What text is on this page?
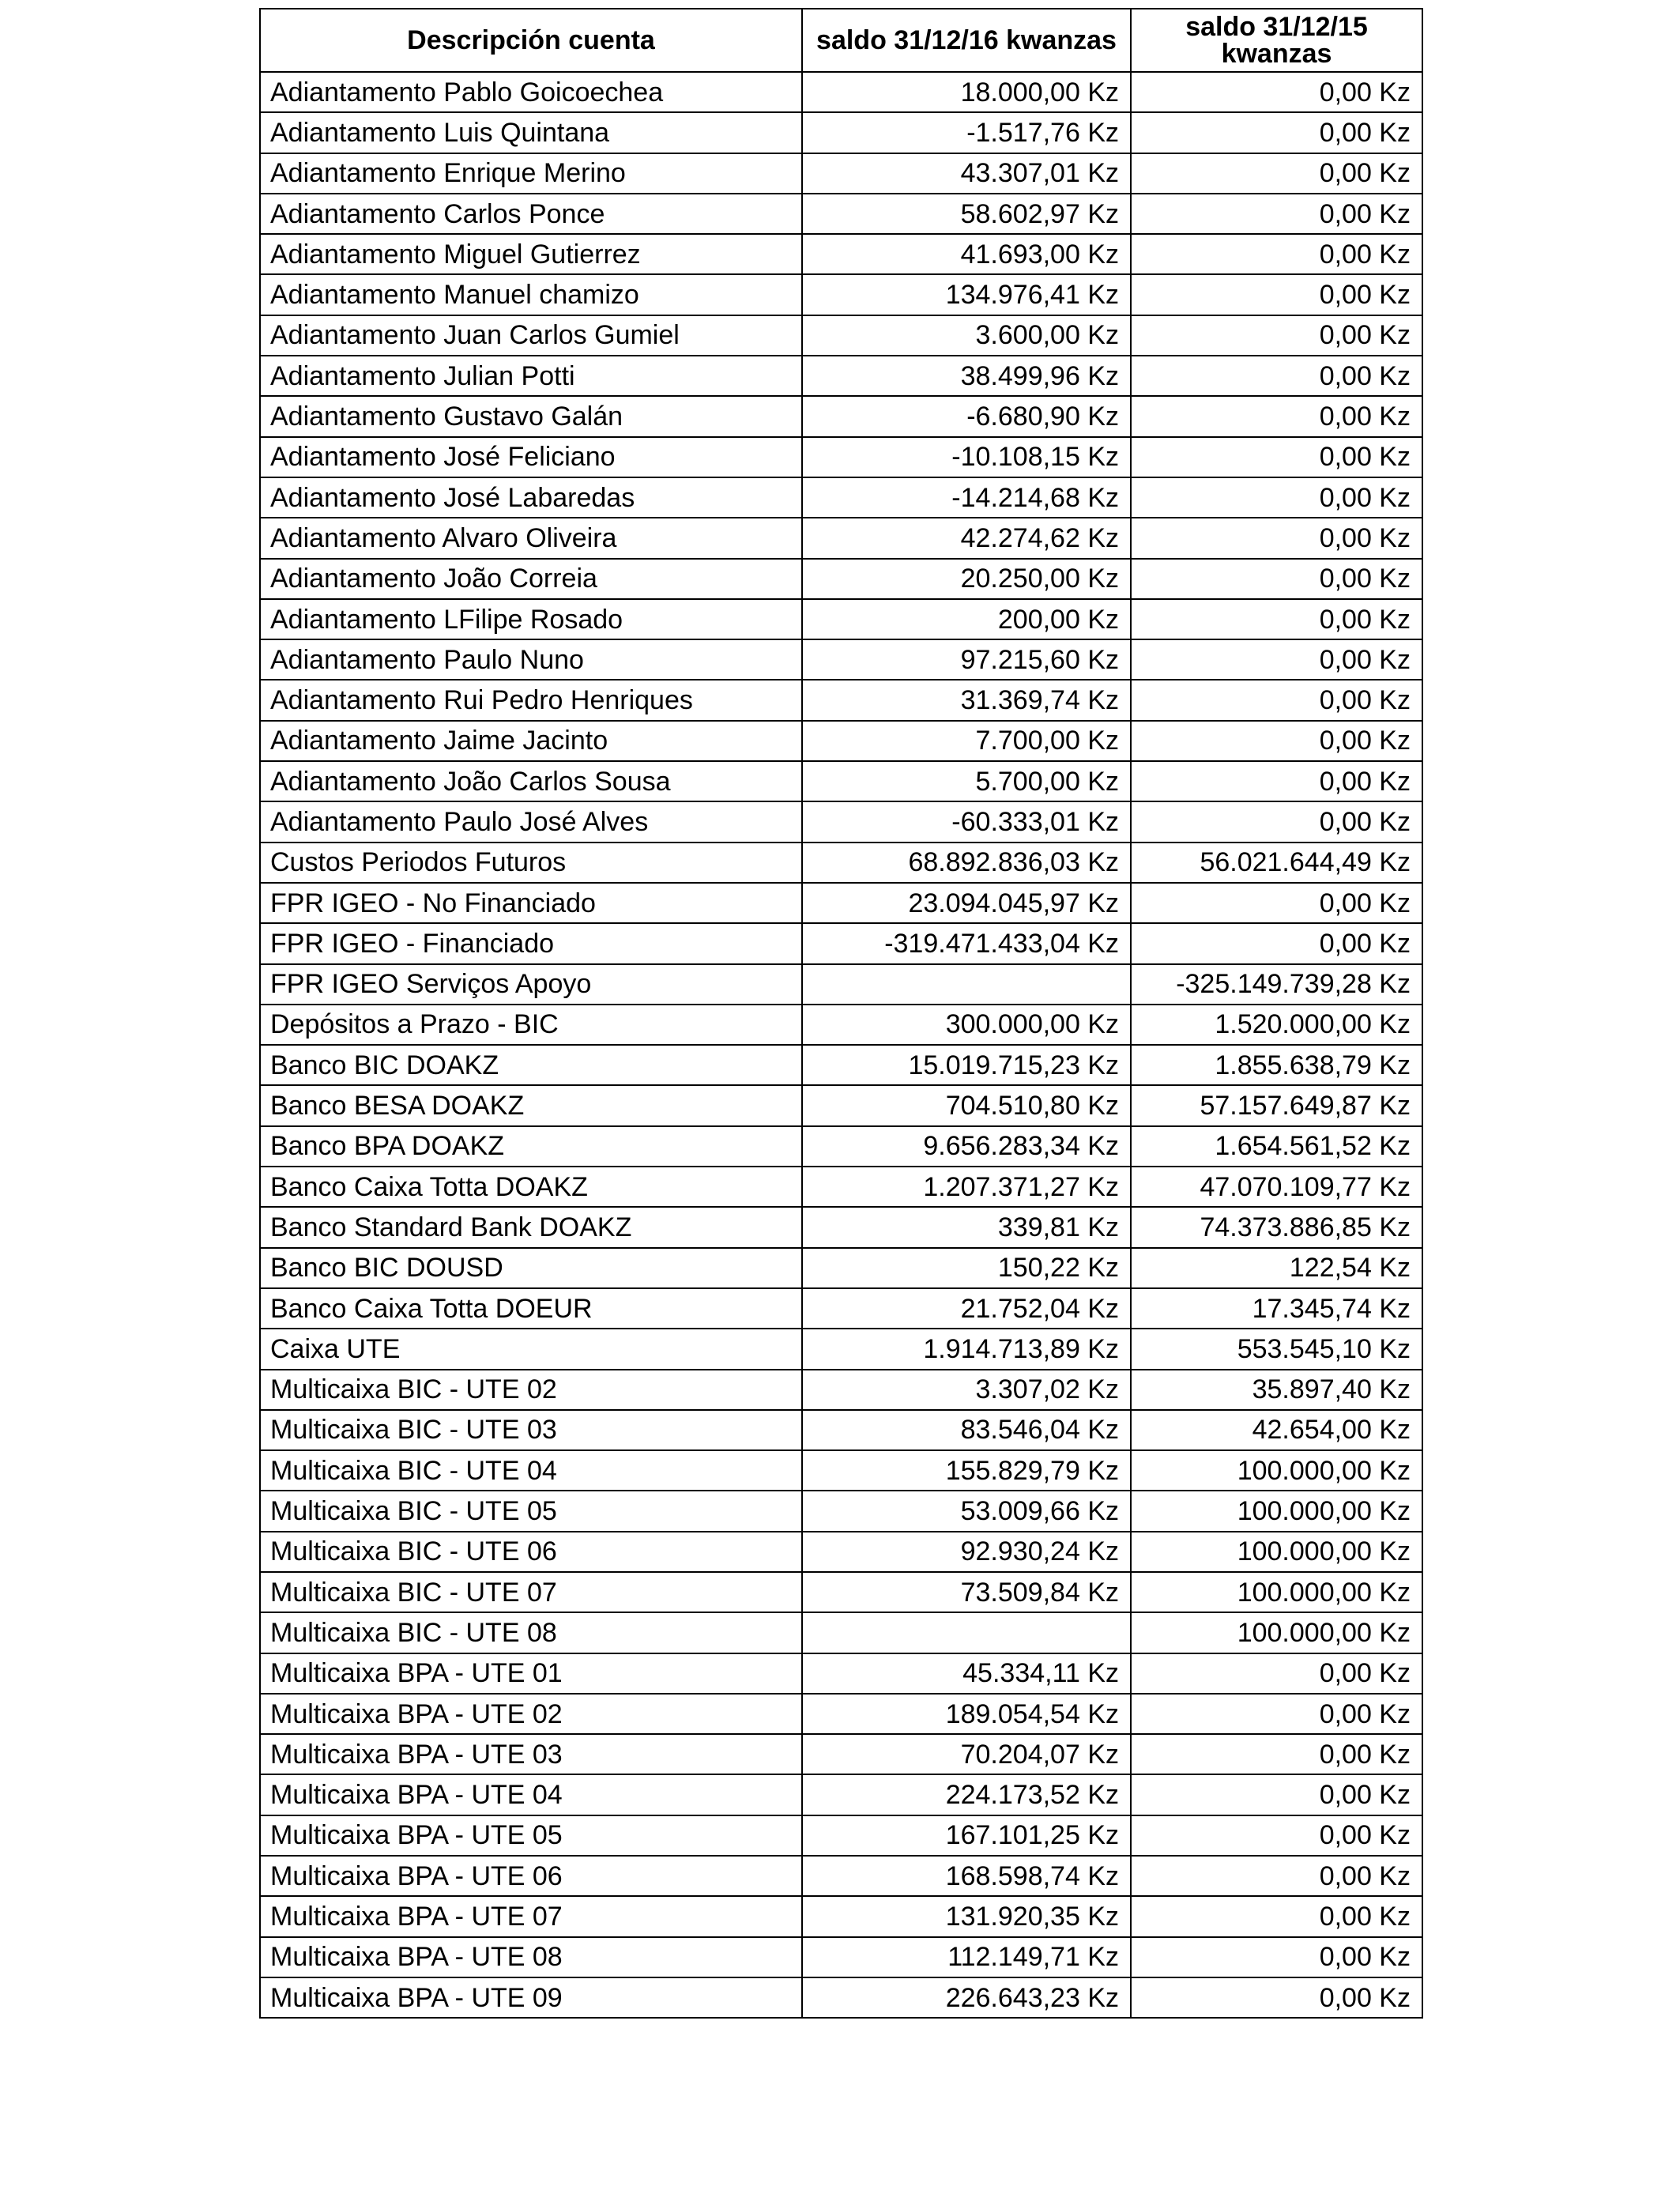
Descripción cuenta	saldo 31/12/16 kwanzas	saldo 31/12/15 kwanzas

Adiantamento Pablo Goicoechea	18.000,00 Kz	0,00 Kz
Adiantamento Luis Quintana	-1.517,76 Kz	0,00 Kz
Adiantamento Enrique Merino	43.307,01 Kz	0,00 Kz
Adiantamento Carlos Ponce	58.602,97 Kz	0,00 Kz
Adiantamento Miguel Gutierrez	41.693,00 Kz	0,00 Kz
Adiantamento Manuel chamizo	134.976,41 Kz	0,00 Kz
Adiantamento Juan Carlos Gumiel	3.600,00 Kz	0,00 Kz
Adiantamento Julian Potti	38.499,96 Kz	0,00 Kz
Adiantamento Gustavo Galán	-6.680,90 Kz	0,00 Kz
Adiantamento José Feliciano	-10.108,15 Kz	0,00 Kz
Adiantamento José Labaredas	-14.214,68 Kz	0,00 Kz
Adiantamento Alvaro Oliveira	42.274,62 Kz	0,00 Kz
Adiantamento João Correia	20.250,00 Kz	0,00 Kz
Adiantamento LFilipe Rosado	200,00 Kz	0,00 Kz
Adiantamento Paulo Nuno	97.215,60 Kz	0,00 Kz
Adiantamento Rui Pedro Henriques	31.369,74 Kz	0,00 Kz
Adiantamento Jaime Jacinto	7.700,00 Kz	0,00 Kz
Adiantamento João Carlos Sousa	5.700,00 Kz	0,00 Kz
Adiantamento Paulo José Alves	-60.333,01 Kz	0,00 Kz
Custos Periodos Futuros	68.892.836,03 Kz	56.021.644,49 Kz
FPR IGEO - No Financiado	23.094.045,97 Kz	0,00 Kz
FPR IGEO - Financiado	-319.471.433,04 Kz	0,00 Kz
FPR IGEO Serviços Apoyo		-325.149.739,28 Kz
Depósitos a Prazo - BIC	300.000,00 Kz	1.520.000,00 Kz
Banco BIC DOAKZ	15.019.715,23 Kz	1.855.638,79 Kz
Banco BESA DOAKZ	704.510,80 Kz	57.157.649,87 Kz
Banco BPA DOAKZ	9.656.283,34 Kz	1.654.561,52 Kz
Banco Caixa Totta DOAKZ	1.207.371,27 Kz	47.070.109,77 Kz
Banco Standard Bank DOAKZ	339,81 Kz	74.373.886,85 Kz
Banco BIC DOUSD	150,22 Kz	122,54 Kz
Banco Caixa Totta DOEUR	21.752,04 Kz	17.345,74 Kz
Caixa UTE	1.914.713,89 Kz	553.545,10 Kz
Multicaixa BIC - UTE 02	3.307,02 Kz	35.897,40 Kz
Multicaixa BIC - UTE 03	83.546,04 Kz	42.654,00 Kz
Multicaixa BIC - UTE 04	155.829,79 Kz	100.000,00 Kz
Multicaixa BIC - UTE 05	53.009,66 Kz	100.000,00 Kz
Multicaixa BIC - UTE 06	92.930,24 Kz	100.000,00 Kz
Multicaixa BIC - UTE 07	73.509,84 Kz	100.000,00 Kz
Multicaixa BIC - UTE 08		100.000,00 Kz
Multicaixa BPA - UTE 01	45.334,11 Kz	0,00 Kz
Multicaixa BPA - UTE 02	189.054,54 Kz	0,00 Kz
Multicaixa BPA - UTE 03	70.204,07 Kz	0,00 Kz
Multicaixa BPA - UTE 04	224.173,52 Kz	0,00 Kz
Multicaixa BPA - UTE 05	167.101,25 Kz	0,00 Kz
Multicaixa BPA - UTE 06	168.598,74 Kz	0,00 Kz
Multicaixa BPA - UTE 07	131.920,35 Kz	0,00 Kz
Multicaixa BPA - UTE 08	112.149,71 Kz	0,00 Kz
Multicaixa BPA - UTE 09	226.643,23 Kz	0,00 Kz
